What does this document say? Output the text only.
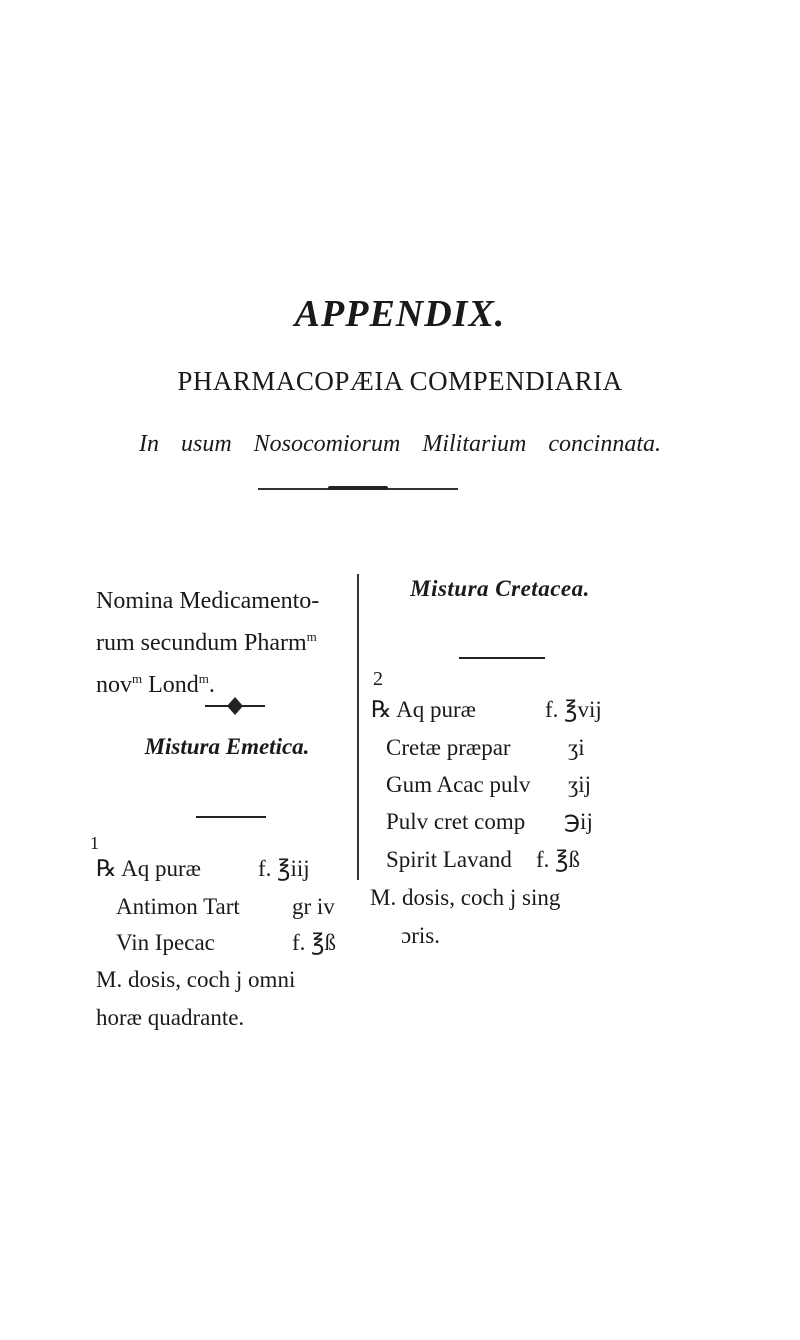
APPENDIX.
PHARMACOPÆIA COMPENDIARIA
In usum Nosocomiorum Militarium concinnata.
Nomina Medicamento-
rum secundum Pharm$^m$
nov$^m$ Lond$^m$.
Mistura Emetica.
1
℞ Aq puræ f. ℥iij
Antimon Tart gr iv
Vin Ipecac	f. ℥ß
M. dosis, coch j omni
horæ quadrante.
Mistura Cretacea.
2
℞ Aq puræ	f. ℥vij
Cretæ præpar ʒi
Gum Acac pulv ʒij
Pulv cret comp ℈ij
Spirit Lavand f. ℥ß
M. dosis, coch j sing
ɔris.
